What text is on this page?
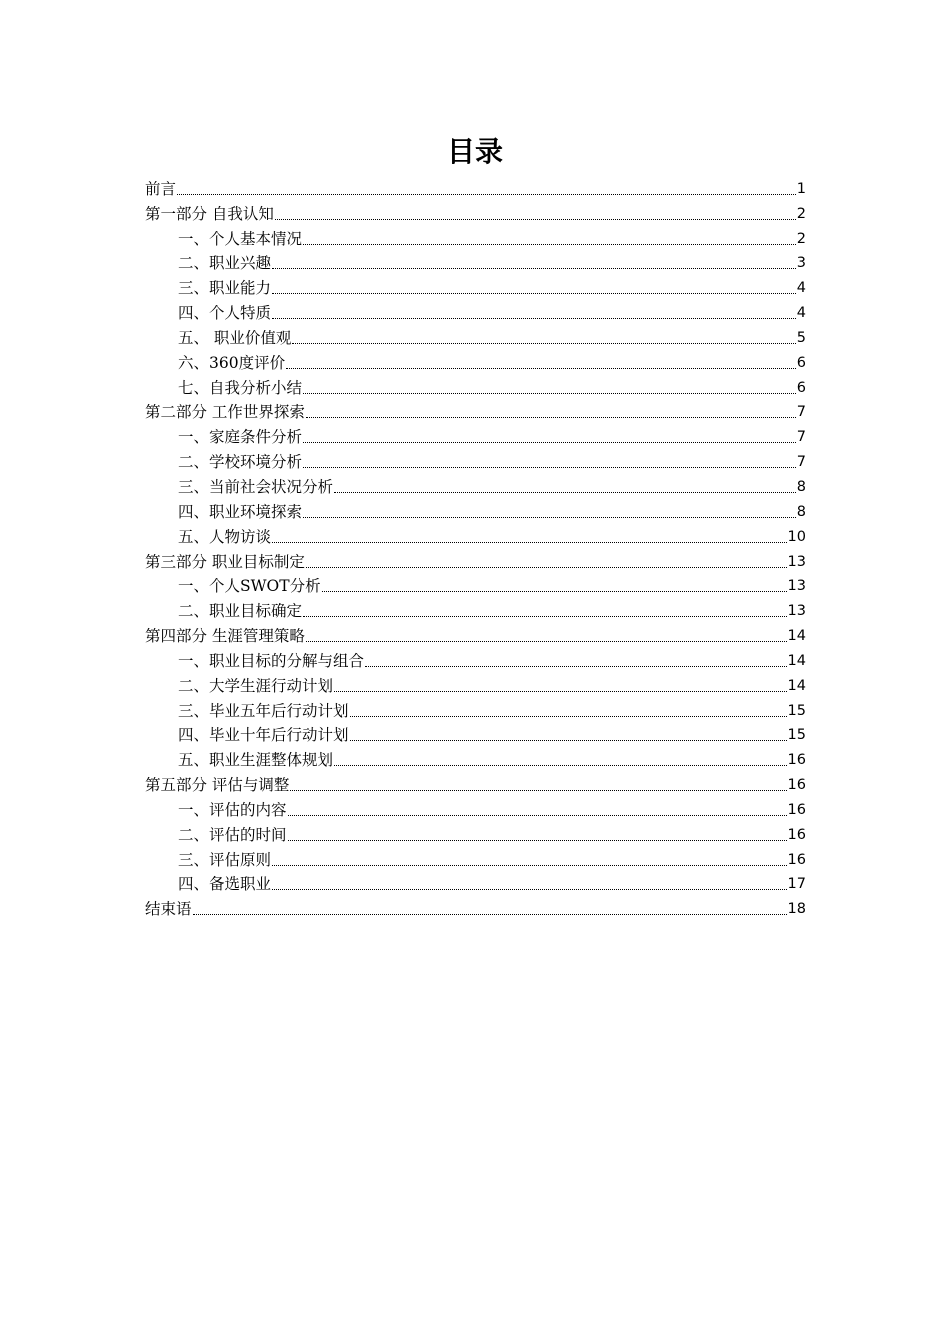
目录
前言	1
第一部分 自我认知	2
一、个人基本情况	2
二、职业兴趣	3
三、职业能力	4
四、个人特质	4
五、 职业价值观	5
六、360度评价	6
七、自我分析小结	6
第二部分 工作世界探索	7
一、家庭条件分析	7
二、学校环境分析	7
三、当前社会状况分析	8
四、职业环境探索	8
五、人物访谈	10
第三部分 职业目标制定	13
一、个人SWOT分析	13
二、职业目标确定	13
第四部分 生涯管理策略	14
一、职业目标的分解与组合	14
二、大学生涯行动计划	14
三、毕业五年后行动计划	15
四、毕业十年后行动计划	15
五、职业生涯整体规划	16
第五部分 评估与调整	16
一、评估的内容	16
二、评估的时间	16
三、评估原则	16
四、备选职业	17
结束语	18
